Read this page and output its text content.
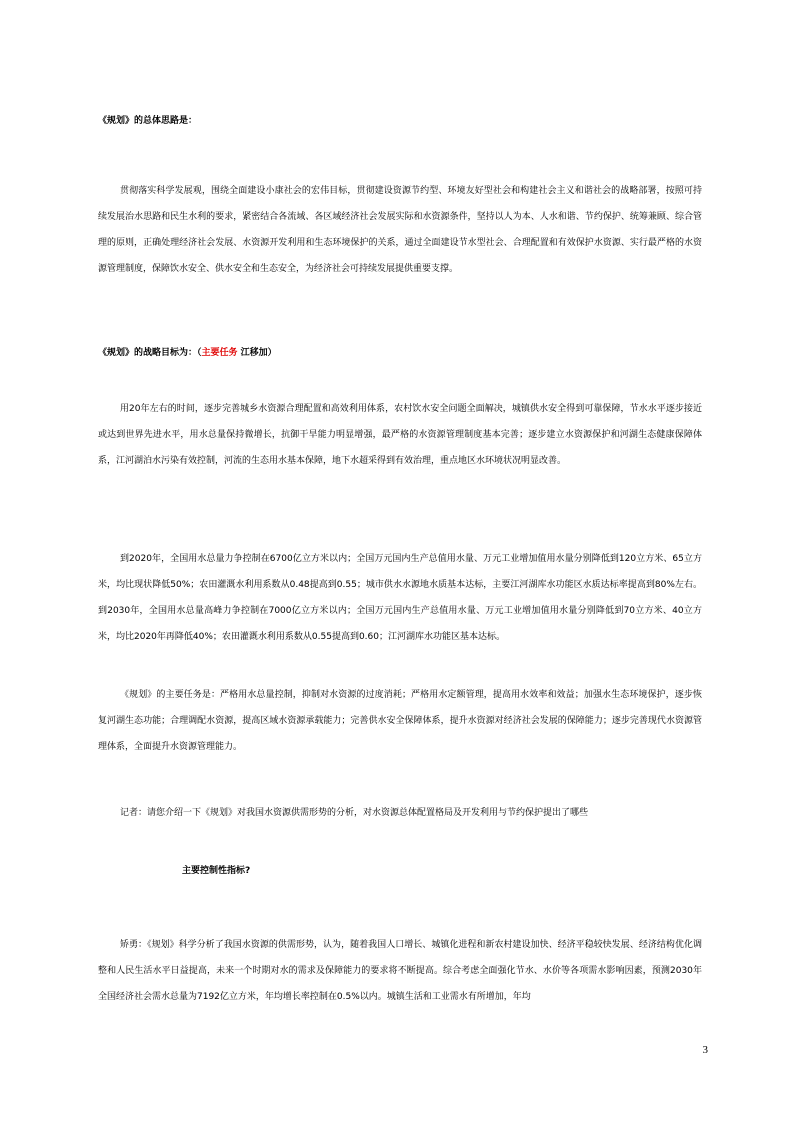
《规划》的总体思路是：
贯彻落实科学发展观，围绕全面建设小康社会的宏伟目标，贯彻建设资源节约型、环境友好型社会和构建社会主义和谐社会的战略部署，按照可持续发展治水思路和民生水利的要求，紧密结合各流域、各区域经济社会发展实际和水资源条件，坚持以人为本、人水和谐、节约保护、统筹兼顾、综合管理的原则，正确处理经济社会发展、水资源开发利用和生态环境保护的关系，通过全面建设节水型社会、合理配置和有效保护水资源、实行最严格的水资源管理制度，保障饮水安全、供水安全和生态安全，为经济社会可持续发展提供重要支撑。
《规划》的战略目标为：（主要任务 江移加）
用20年左右的时间，逐步完善城乡水资源合理配置和高效利用体系，农村饮水安全问题全面解决，城镇供水安全得到可靠保障，节水水平逐步接近或达到世界先进水平，用水总量保持微增长，抗御干旱能力明显增强，最严格的水资源管理制度基本完善；逐步建立水资源保护和河湖生态健康保障体系，江河湖泊水污染有效控制，河流的生态用水基本保障，地下水超采得到有效治理，重点地区水环境状况明显改善。
到2020年，全国用水总量力争控制在6700亿立方米以内；全国万元国内生产总值用水量、万元工业增加值用水量分别降低到120立方米、65立方米，均比现状降低50%；农田灌溉水利用系数从0.48提高到0.55；城市供水水源地水质基本达标，主要江河湖库水功能区水质达标率提高到80%左右。到2030年，全国用水总量高峰力争控制在7000亿立方米以内；全国万元国内生产总值用水量、万元工业增加值用水量分别降低到70立方米、40立方米，均比2020年再降低40%；农田灌溉水利用系数从0.55提高到0.60；江河湖库水功能区基本达标。
《规划》的主要任务是：严格用水总量控制，抑制对水资源的过度消耗；严格用水定额管理，提高用水效率和效益；加强水生态环境保护，逐步恢复河湖生态功能；合理调配水资源，提高区域水资源承载能力；完善供水安全保障体系，提升水资源对经济社会发展的保障能力；逐步完善现代水资源管理体系，全面提升水资源管理能力。
记者：请您介绍一下《规划》对我国水资源供需形势的分析，对水资源总体配置格局及开发利用与节约保护提出了哪些
主要控制性指标?
矫勇：《规划》科学分析了我国水资源的供需形势，认为，随着我国人口增长、城镇化进程和新农村建设加快、经济平稳较快发展、经济结构优化调整和人民生活水平日益提高，未来一个时期对水的需求及保障能力的要求将不断提高。综合考虑全面强化节水、水价等各项需水影响因素，预测2030年全国经济社会需水总量为7192亿立方米，年均增长率控制在0.5%以内。城镇生活和工业需水有所增加，年均
3
